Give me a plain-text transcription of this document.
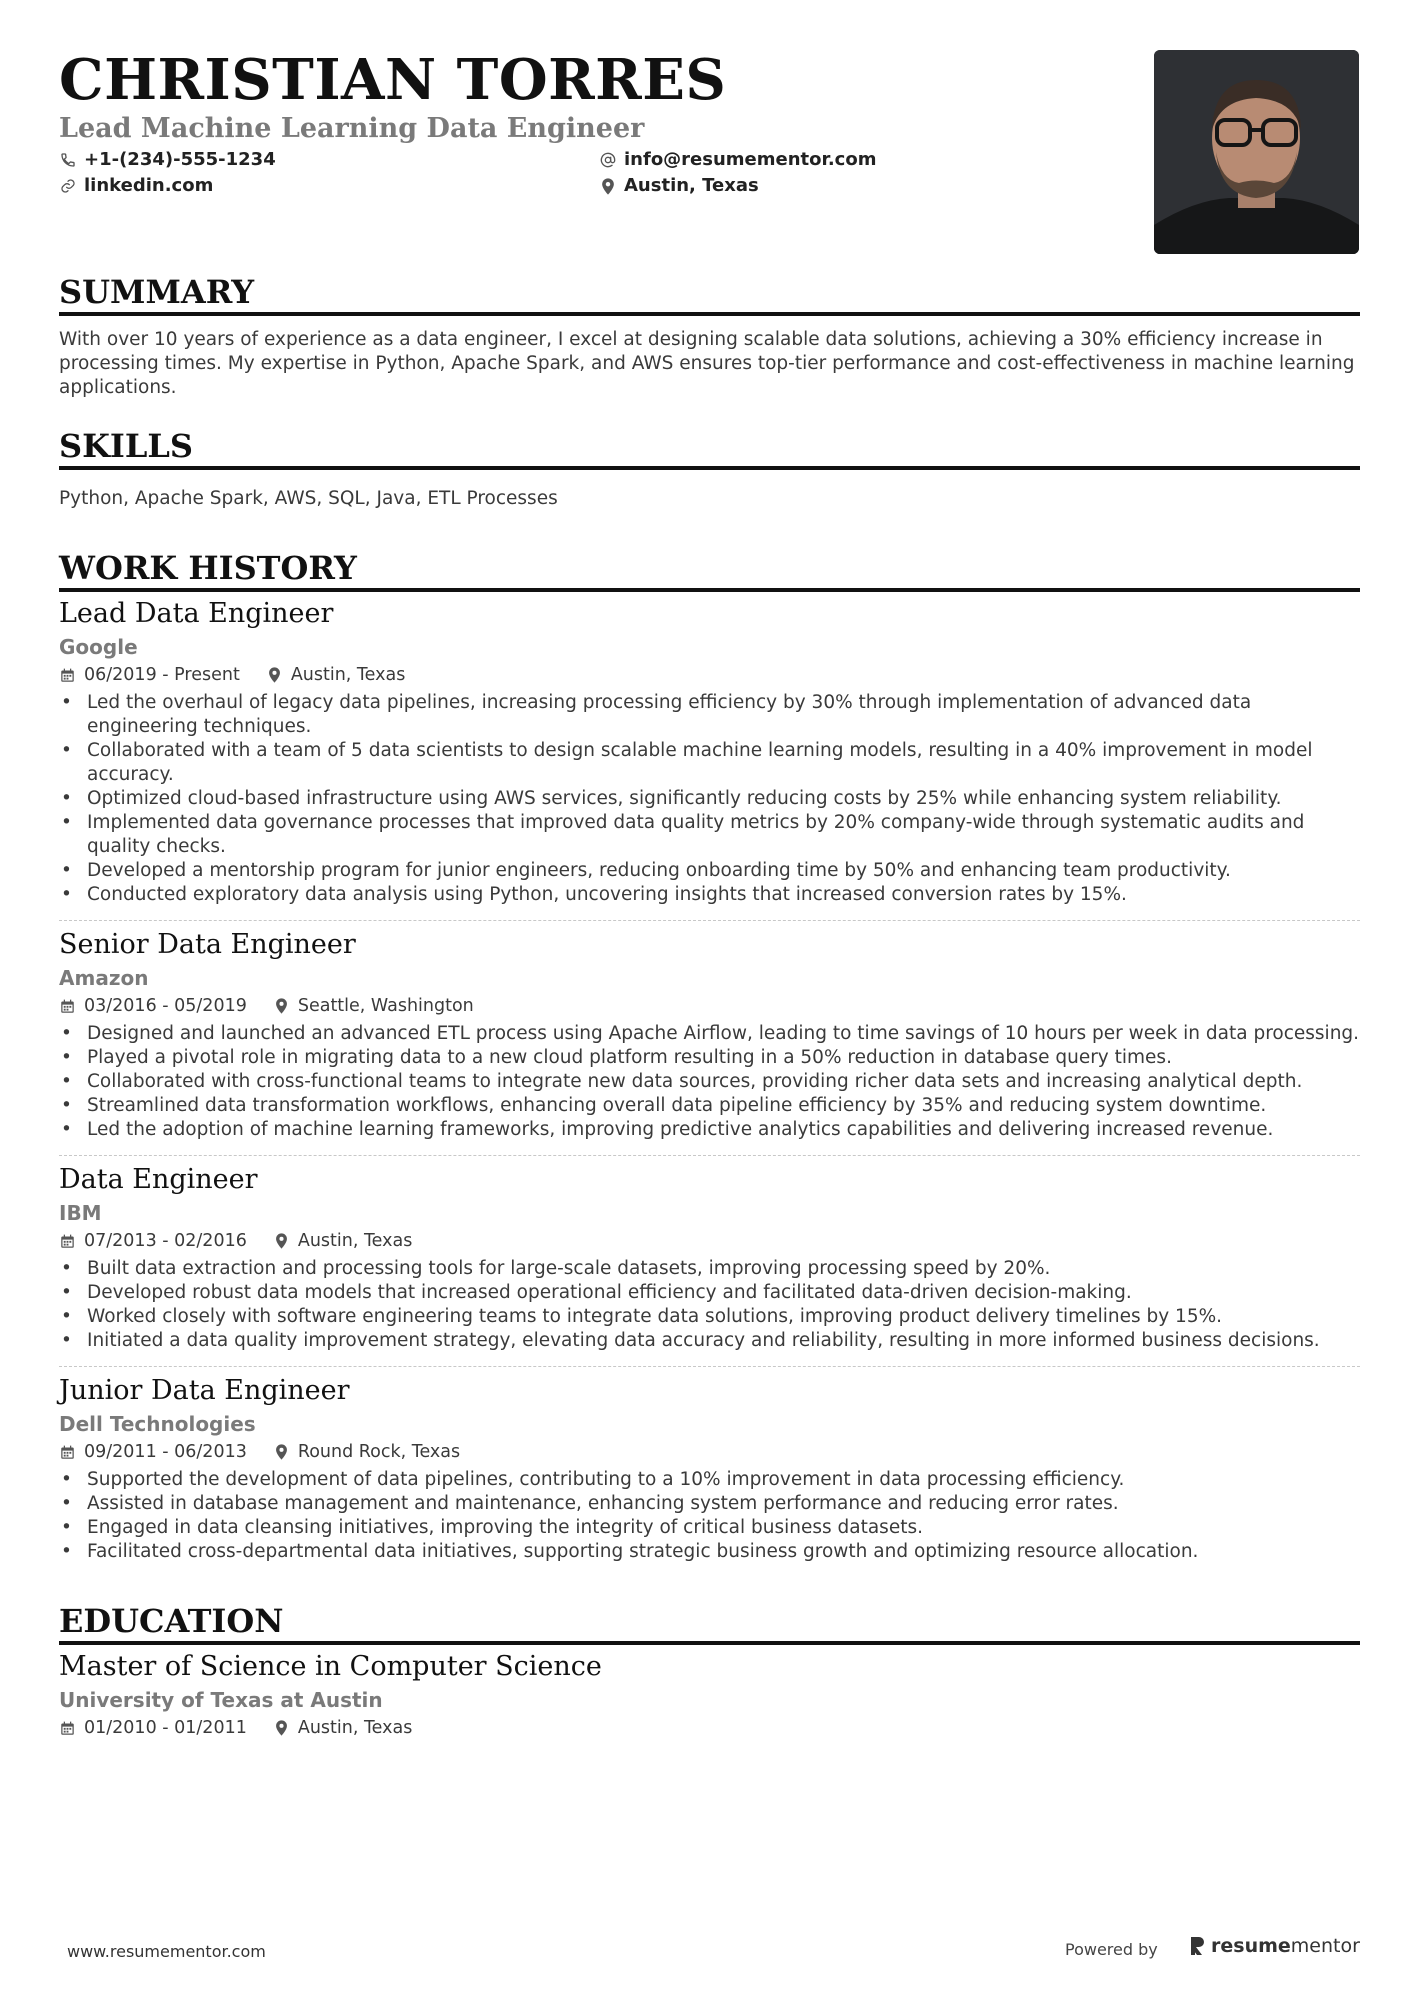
CHRISTIAN TORRES
Lead Machine Learning Data Engineer
+1-(234)-555-1234
linkedin.com
info@resumementor.com
Austin, Texas
SUMMARY
With over 10 years of experience as a data engineer, I excel at designing scalable data solutions, achieving a 30% efficiency increase in processing times. My expertise in Python, Apache Spark, and AWS ensures top-tier performance and cost-effectiveness in machine learning applications.
SKILLS
Python, Apache Spark, AWS, SQL, Java, ETL Processes
WORK HISTORY
Lead Data Engineer
Google
06/2019 - Present	Austin, Texas
• Led the overhaul of legacy data pipelines, increasing processing efficiency by 30% through implementation of advanced data engineering techniques.
• Collaborated with a team of 5 data scientists to design scalable machine learning models, resulting in a 40% improvement in model accuracy.
• Optimized cloud-based infrastructure using AWS services, significantly reducing costs by 25% while enhancing system reliability.
• Implemented data governance processes that improved data quality metrics by 20% company-wide through systematic audits and quality checks.
• Developed a mentorship program for junior engineers, reducing onboarding time by 50% and enhancing team productivity.
• Conducted exploratory data analysis using Python, uncovering insights that increased conversion rates by 15%.
Senior Data Engineer
Amazon
03/2016 - 05/2019	Seattle, Washington
• Designed and launched an advanced ETL process using Apache Airflow, leading to time savings of 10 hours per week in data processing.
• Played a pivotal role in migrating data to a new cloud platform resulting in a 50% reduction in database query times.
• Collaborated with cross-functional teams to integrate new data sources, providing richer data sets and increasing analytical depth.
• Streamlined data transformation workflows, enhancing overall data pipeline efficiency by 35% and reducing system downtime.
• Led the adoption of machine learning frameworks, improving predictive analytics capabilities and delivering increased revenue.
Data Engineer
IBM
07/2013 - 02/2016	Austin, Texas
• Built data extraction and processing tools for large-scale datasets, improving processing speed by 20%.
• Developed robust data models that increased operational efficiency and facilitated data-driven decision-making.
• Worked closely with software engineering teams to integrate data solutions, improving product delivery timelines by 15%.
• Initiated a data quality improvement strategy, elevating data accuracy and reliability, resulting in more informed business decisions.
Junior Data Engineer
Dell Technologies
09/2011 - 06/2013	Round Rock, Texas
• Supported the development of data pipelines, contributing to a 10% improvement in data processing efficiency.
• Assisted in database management and maintenance, enhancing system performance and reducing error rates.
• Engaged in data cleansing initiatives, improving the integrity of critical business datasets.
• Facilitated cross-departmental data initiatives, supporting strategic business growth and optimizing resource allocation.
EDUCATION
Master of Science in Computer Science
University of Texas at Austin
01/2010 - 01/2011	Austin, Texas
www.resumementor.com	Powered by	resume mentor
